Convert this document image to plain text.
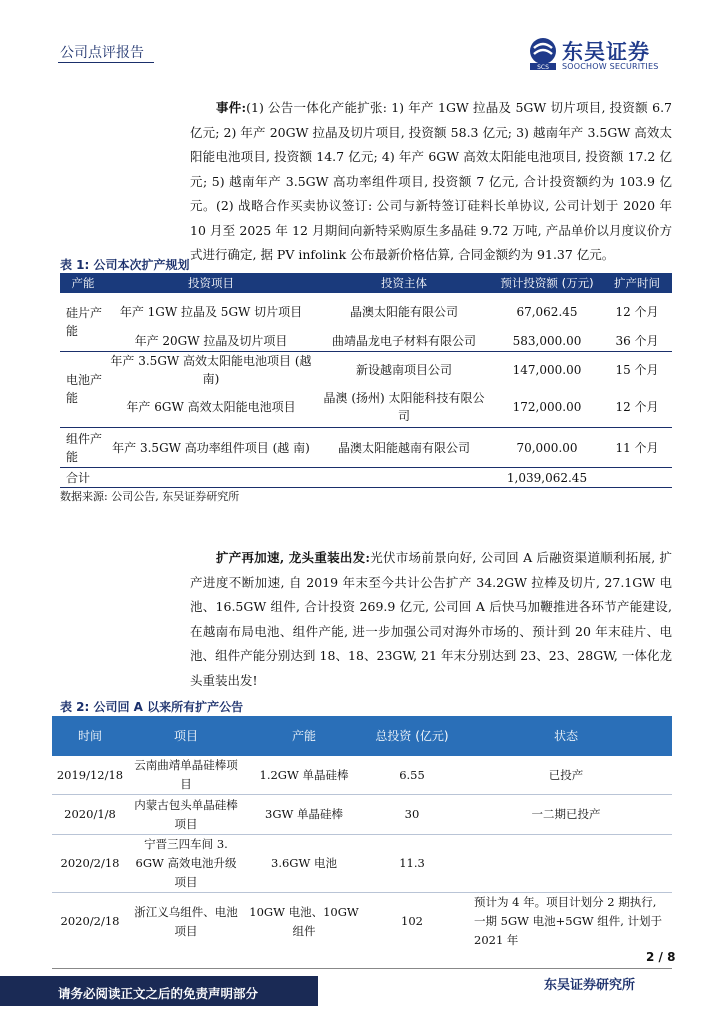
公司点评报告
SCS
东吴证券
SOOCHOW SECURITIES
事件:(1) 公告一体化产能扩张: 1) 年产 1GW 拉晶及 5GW 切片项目, 投资额 6.7 亿元; 2) 年产 20GW 拉晶及切片项目, 投资额 58.3 亿元; 3) 越南年产 3.5GW 高效太阳能电池项目, 投资额 14.7 亿元; 4) 年产 6GW 高效太阳能电池项目, 投资额 17.2 亿元; 5) 越南年产 3.5GW 高功率组件项目, 投资额 7 亿元, 合计投资额约为 103.9 亿元。(2) 战略合作买卖协议签订: 公司与新特签订硅料长单协议, 公司计划于 2020 年 10 月至 2025 年 12 月期间向新特采购原生多晶硅 9.72 万吨, 产品单价以月度议价方式进行确定, 据 PV infolink 公布最新价格估算, 合同金额约为 91.37 亿元。
表 1: 公司本次扩产规划
产能	投资项目	投资主体	预计投资额 (万元)	扩产时间
硅片产能	年产 1GW 拉晶及 5GW 切片项目	晶澳太阳能有限公司	67,062.45	12 个月
	年产 20GW 拉晶及切片项目	曲靖晶龙电子材料有限公司	583,000.00	36 个月
电池产能	年产 3.5GW 高效太阳能电池项目 (越南)	新设越南项目公司	147,000.00	15 个月
	年产 6GW 高效太阳能电池项目	晶澳 (扬州) 太阳能科技有限公司	172,000.00	12 个月
组件产能	年产 3.5GW 高功率组件项目 (越 南)	晶澳太阳能越南有限公司	70,000.00	11 个月
合计			1,039,062.45	
数据来源: 公司公告, 东吴证券研究所
扩产再加速, 龙头重装出发:光伏市场前景向好, 公司回 A 后融资渠道顺利拓展, 扩产进度不断加速, 自 2019 年末至今共计公告扩产 34.2GW 拉棒及切片, 27.1GW 电池、16.5GW 组件, 合计投资 269.9 亿元, 公司回 A 后快马加鞭推进各环节产能建设, 在越南布局电池、组件产能, 进一步加强公司对海外市场的、预计到 20 年末硅片、电池、组件产能分别达到 18、18、23GW, 21 年末分别达到 23、23、28GW, 一体化龙头重装出发!
表 2: 公司回 A 以来所有扩产公告
时间	项目	产能	总投资 (亿元)	状态
2019/12/18	云南曲靖单晶硅棒项目	1.2GW 单晶硅棒	6.55	已投产
2020/1/8	内蒙古包头单晶硅棒项目	3GW 单晶硅棒	30	一二期已投产
2020/2/18	宁晋三四车间 3. 6GW 高效电池升级项目	3.6GW 电池	11.3	
2020/2/18	浙江义乌组件、电池项目	10GW 电池、10GW 组件	102	预计为 4 年。项目计划分 2 期执行, 一期 5GW 电池+5GW 组件, 计划于 2021 年
2 / 8
请务必阅读正文之后的免责声明部分
东吴证券研究所
